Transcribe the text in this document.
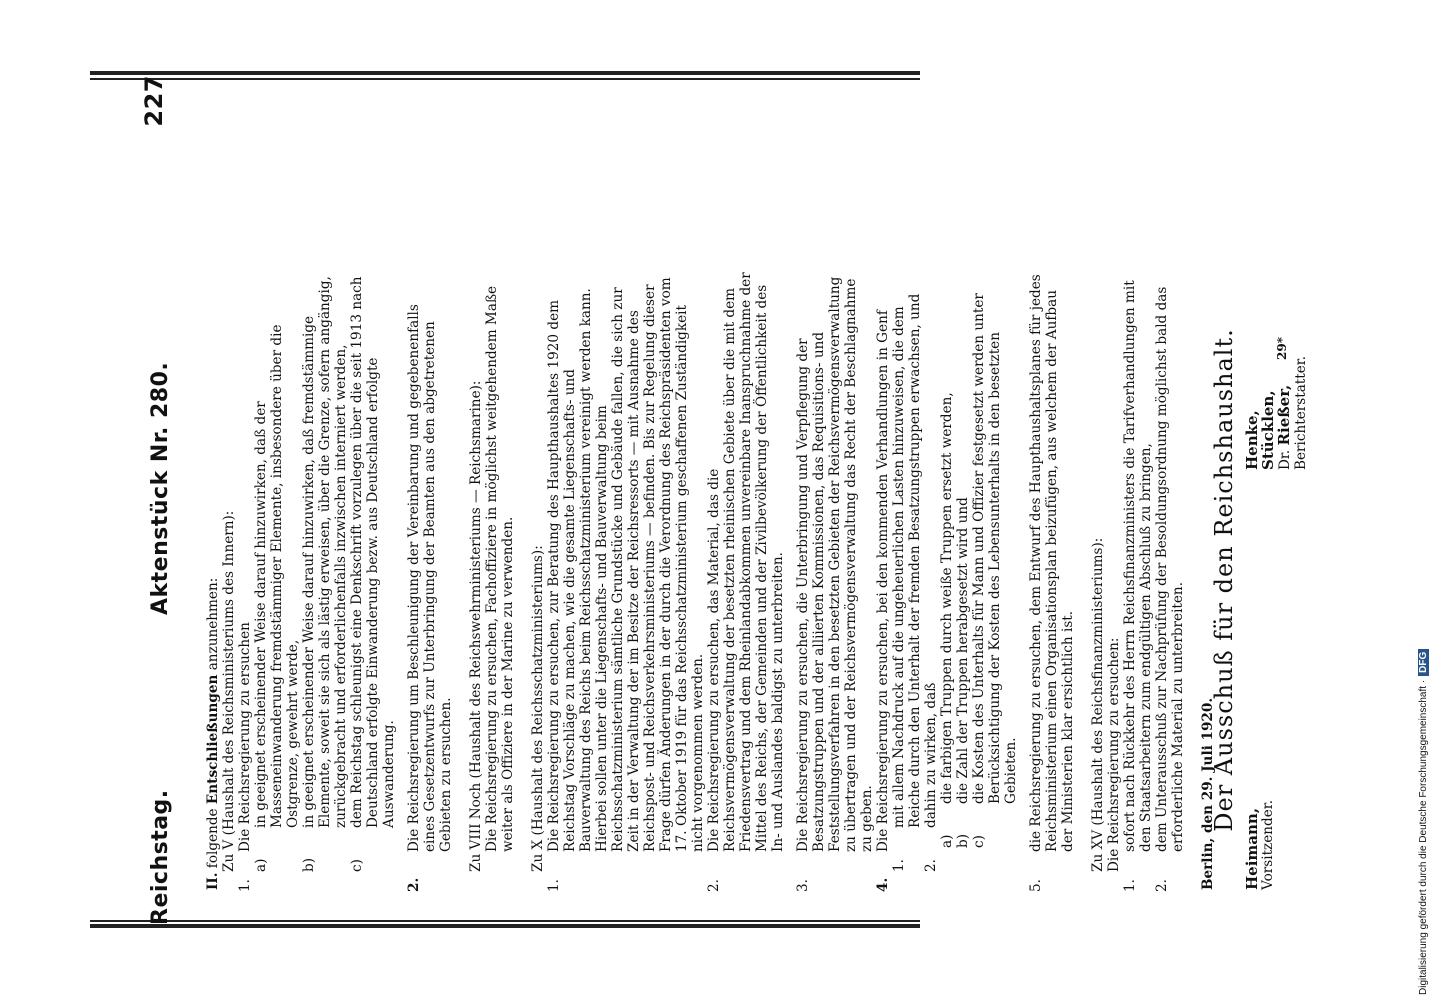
Reichstag.
Aktenstück Nr. 280.
227

II. folgende Entschließungen anzunehmen: Zu V (Haushalt des Reichsministeriums des Innern):

1.Die Reichsregierung zu ersuchen

a)in geeignet erscheinender Weise darauf hinzuwirken, daß der Masseneinwanderung fremdstämmiger Elemente, insbesondere über die Ostgrenze, gewehrt werde,

b)in geeignet erscheinender Weise darauf hinzuwirken, daß fremdstämmige Elemente, soweit sie sich als lästig erweisen, über die Grenze, sofern angängig, zurückgebracht und erforderlichenfalls inzwischen interniert werden,

c)dem Reichstag schleunigst eine Denkschrift vorzulegen über die seit 1913 nach Deutschland erfolgte Einwanderung bezw. aus Deutschland erfolgte Auswanderung.

2.Die Reichsregierung um Beschleunigung der Vereinbarung und gegebenenfalls eines Gesetzentwurfs zur Unterbringung der Beamten aus den abgetretenen Gebieten zu ersuchen. Zu VIII Noch (Haushalt des Reichswehrministeriums — Reichsmarine): Die Reichsregierung zu ersuchen, Fachoffiziere in möglichst weitgehendem Maße weiter als Offiziere in der Marine zu verwenden. Zu X (Haushalt des Reichsschatzministeriums):

1.Die Reichsregierung zu ersuchen, zur Beratung des Haupthaushaltes 1920 dem Reichstag Vorschläge zu machen, wie die gesamte Liegenschafts- und Bauverwaltung des Reichs beim Reichsschatzministerium vereinigt werden kann. Hierbei sollen unter die Liegenschafts- und Bauverwaltung beim Reichsschatzministerium sämtliche Grundstücke und Gebäude fallen, die sich zur Zeit in der Verwaltung der im Besitze der Reichsressorts — mit Ausnahme des Reichspost- und Reichsverkehrsministeriums — befinden. Bis zur Regelung dieser Frage dürfen Änderungen in der durch die Verordnung des Reichspräsidenten vom 17. Oktober 1919 für das Reichsschatzministerium geschaffenen Zuständigkeit nicht vorgenommen werden.

2.Die Reichsregierung zu ersuchen, das Material, das die Reichsvermögensverwaltung der besetzten rheinischen Gebiete über die mit dem Friedensvertrag und dem Rheinlandabkommen unvereinbare Inanspruchnahme der Mittel des Reichs, der Gemeinden und der Zivilbevölkerung der Öffentlichkeit des In- und Auslandes baldigst zu unterbreiten.

3.Die Reichsregierung zu ersuchen, die Unterbringung und Verpflegung der Besatzungstruppen und der alliierten Kommissionen, das Requisitions- und Feststellungsverfahren in den besetzten Gebieten der Reichsvermögensverwaltung zu übertragen und der Reichsvermögensverwaltung das Recht der Beschlagnahme zu geben.

4.Die Reichsregierung zu ersuchen, bei den kommenden Verhandlungen in Genf

1.mit allem Nachdruck auf die ungeheuerlichen Lasten hinzuweisen, die dem Reiche durch den Unterhalt der fremden Besatzungstruppen erwachsen, und

2.dahin zu wirken, daß

a)die farbigen Truppen durch weiße Truppen ersetzt werden,

b)die Zahl der Truppen herabgesetzt wird und

c)die Kosten des Unterhalts für Mann und Offizier festgesetzt werden unter Berücksichtigung der Kosten des Lebensunterhalts in den besetzten Gebieten.

5.die Reichsregierung zu ersuchen, dem Entwurf des Haupthaushaltsplanes für jedes Reichsministerium einen Organisationsplan beizufügen, aus welchem der Aufbau der Ministerien klar ersichtlich ist. Zu XV (Haushalt des Reichsfinanzministeriums): Die Reichsregierung zu ersuchen:

1.sofort nach Rückkehr des Herrn Reichsfinanzministers die Tarifverhandlungen mit den Staatsarbeitern zum endgültigen Abschluß zu bringen,

2.dem Unterausschuß zur Nachprüfung der Besoldungsordnung möglichst bald das erforderliche Material zu unterbreiten. Berlin, den 29. Juli 1920.

Der Ausschuß für den Reichshaushalt.

Heimann, Vorsitzender.
Henke,
Stücklen, Dr. Rießer, Berichterstatter.
29*
Digitalisierung gefördert durch die Deutsche Forschungsgemeinschaft ·DFG
